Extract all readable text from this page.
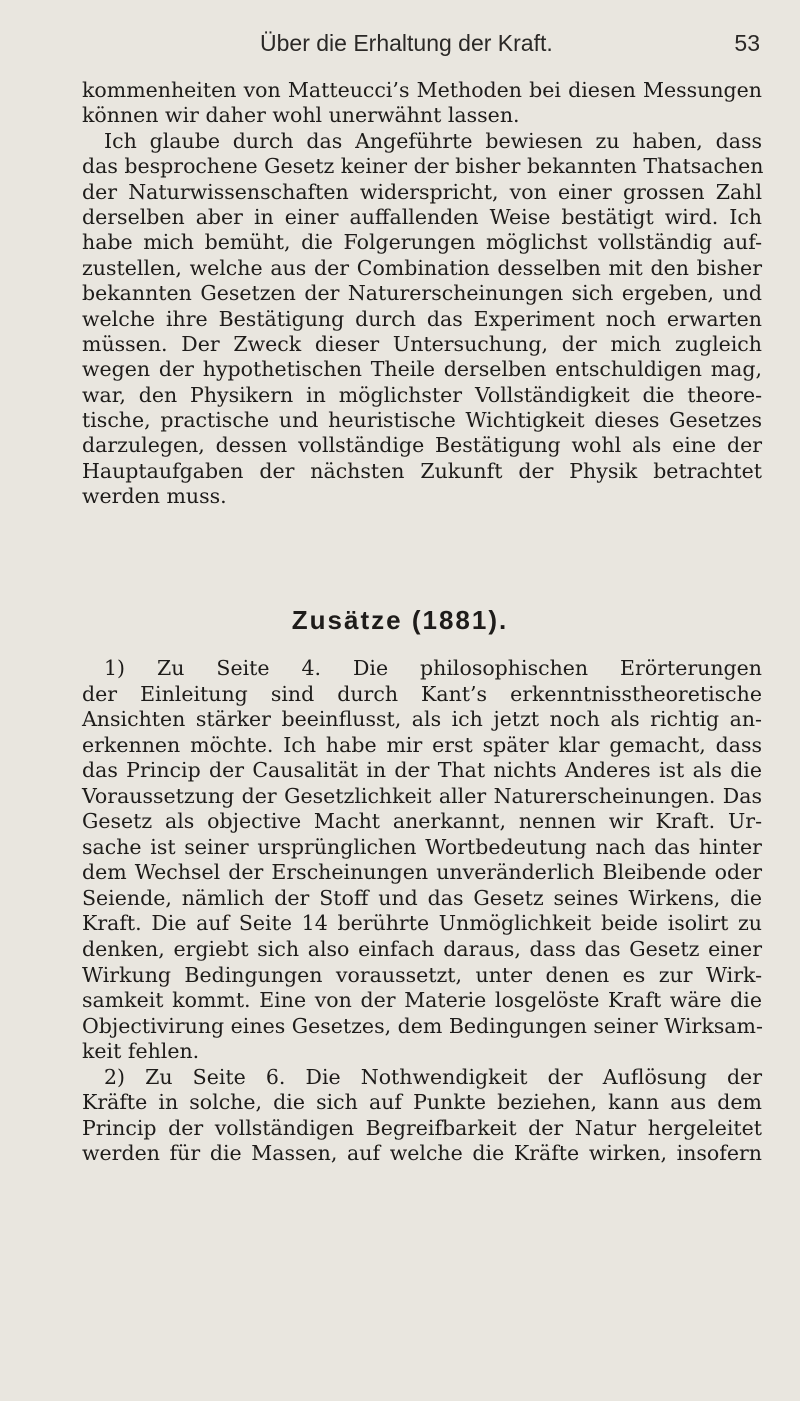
Über die Erhaltung der Kraft.	53
kommenheiten von Matteucci’s Methoden bei diesen Messungen
können wir daher wohl unerwähnt lassen.
Ich glaube durch das Angeführte bewiesen zu haben, dass
das besprochene Gesetz keiner der bisher bekannten Thatsachen
der Naturwissenschaften widerspricht, von einer grossen Zahl
derselben aber in einer auffallenden Weise bestätigt wird. Ich
habe mich bemüht, die Folgerungen möglichst vollständig auf-
zustellen, welche aus der Combination desselben mit den bisher
bekannten Gesetzen der Naturerscheinungen sich ergeben, und
welche ihre Bestätigung durch das Experiment noch erwarten
müssen. Der Zweck dieser Untersuchung, der mich zugleich
wegen der hypothetischen Theile derselben entschuldigen mag,
war, den Physikern in möglichster Vollständigkeit die theore-
tische, practische und heuristische Wichtigkeit dieses Gesetzes
darzulegen, dessen vollständige Bestätigung wohl als eine der
Hauptaufgaben der nächsten Zukunft der Physik betrachtet
werden muss.
Zusätze (1881).
1) Zu Seite 4. Die philosophischen Erörterungen
der Einleitung sind durch Kant’s erkenntnisstheoretische
Ansichten stärker beeinflusst, als ich jetzt noch als richtig an-
erkennen möchte. Ich habe mir erst später klar gemacht, dass
das Princip der Causalität in der That nichts Anderes ist als die
Voraussetzung der Gesetzlichkeit aller Naturerscheinungen. Das
Gesetz als objective Macht anerkannt, nennen wir Kraft. Ur-
sache ist seiner ursprünglichen Wortbedeutung nach das hinter
dem Wechsel der Erscheinungen unveränderlich Bleibende oder
Seiende, nämlich der Stoff und das Gesetz seines Wirkens, die
Kraft. Die auf Seite 14 berührte Unmöglichkeit beide isolirt zu
denken, ergiebt sich also einfach daraus, dass das Gesetz einer
Wirkung Bedingungen voraussetzt, unter denen es zur Wirk-
samkeit kommt. Eine von der Materie losgelöste Kraft wäre die
Objectivirung eines Gesetzes, dem Bedingungen seiner Wirksam-
keit fehlen.
2) Zu Seite 6. Die Nothwendigkeit der Auflösung der
Kräfte in solche, die sich auf Punkte beziehen, kann aus dem
Princip der vollständigen Begreifbarkeit der Natur hergeleitet
werden für die Massen, auf welche die Kräfte wirken, insofern
